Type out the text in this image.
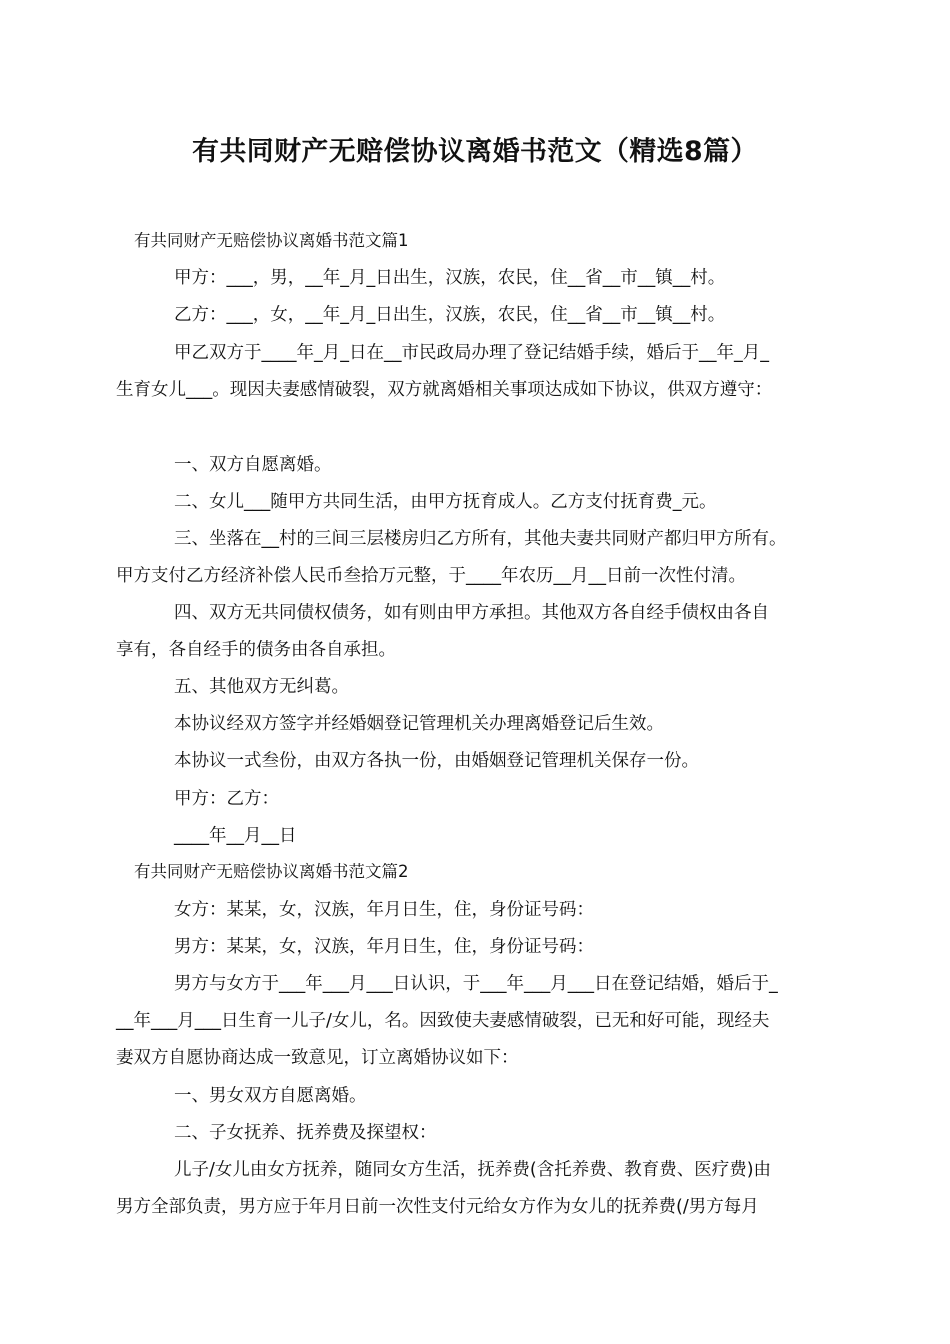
有共同财产无赔偿协议离婚书范文（精选8篇）
有共同财产无赔偿协议离婚书范文篇1
甲方：___，男，__年_月_日出生，汉族，农民，住__省__市__镇__村。
乙方：___，女，__年_月_日出生，汉族，农民，住__省__市__镇__村。
甲乙双方于____年_月_日在__市民政局办理了登记结婚手续，婚后于__年_月_
生育女儿___。现因夫妻感情破裂，双方就离婚相关事项达成如下协议，供双方遵守：
一、双方自愿离婚。
二、女儿___随甲方共同生活，由甲方抚育成人。乙方支付抚育费_元。
三、坐落在__村的三间三层楼房归乙方所有，其他夫妻共同财产都归甲方所有。
甲方支付乙方经济补偿人民币叁拾万元整，于____年农历__月__日前一次性付清。
四、双方无共同债权债务，如有则由甲方承担。其他双方各自经手债权由各自
享有，各自经手的债务由各自承担。
五、其他双方无纠葛。
本协议经双方签字并经婚姻登记管理机关办理离婚登记后生效。
本协议一式叁份，由双方各执一份，由婚姻登记管理机关保存一份。
甲方：乙方：
____年__月__日
有共同财产无赔偿协议离婚书范文篇2
女方：某某，女，汉族，年月日生，住，身份证号码：
男方：某某，女，汉族，年月日生，住，身份证号码：
男方与女方于___年___月___日认识，于___年___月___日在登记结婚，婚后于_
__年___月___日生育一儿子/女儿，名。因致使夫妻感情破裂，已无和好可能，现经夫
妻双方自愿协商达成一致意见，订立离婚协议如下：
一、男女双方自愿离婚。
二、子女抚养、抚养费及探望权：
儿子/女儿由女方抚养，随同女方生活，抚养费(含托养费、教育费、医疗费)由
男方全部负责，男方应于年月日前一次性支付元给女方作为女儿的抚养费(/男方每月
